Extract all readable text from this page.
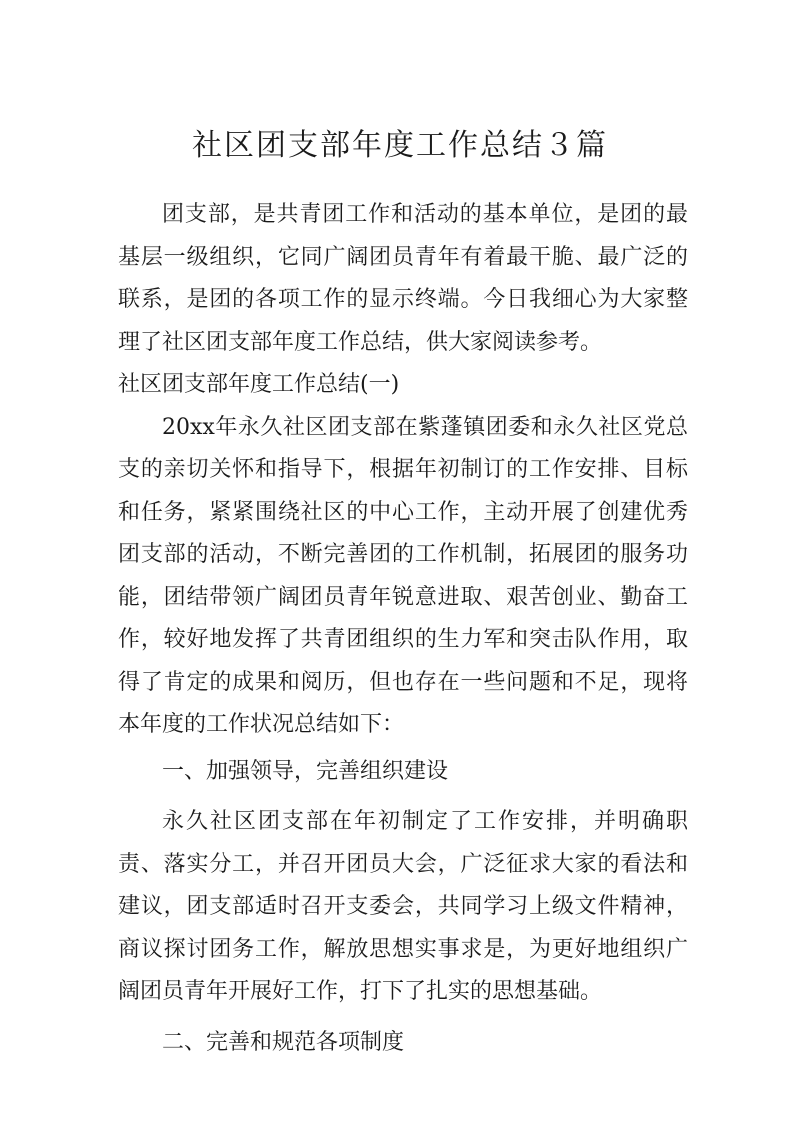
社区团支部年度工作总结３篇

团支部，是共青团工作和活动的基本单位，是团的最基层一级组织，它同广阔团员青年有着最干脆、最广泛的联系，是团的各项工作的显示终端。今日我细心为大家整理了社区团支部年度工作总结，供大家阅读参考。

社区团支部年度工作总结(一)

20xx年永久社区团支部在紫蓬镇团委和永久社区党总支的亲切关怀和指导下，根据年初制订的工作安排、目标和任务，紧紧围绕社区的中心工作，主动开展了创建优秀团支部的活动，不断完善团的工作机制，拓展团的服务功能，团结带领广阔团员青年锐意进取、艰苦创业、勤奋工作，较好地发挥了共青团组织的生力军和突击队作用，取得了肯定的成果和阅历，但也存在一些问题和不足，现将本年度的工作状况总结如下：

一、加强领导，完善组织建设

永久社区团支部在年初制定了工作安排，并明确职责、落实分工，并召开团员大会，广泛征求大家的看法和建议，团支部适时召开支委会，共同学习上级文件精神，商议探讨团务工作，解放思想实事求是，为更好地组织广阔团员青年开展好工作，打下了扎实的思想基础。

二、完善和规范各项制度
